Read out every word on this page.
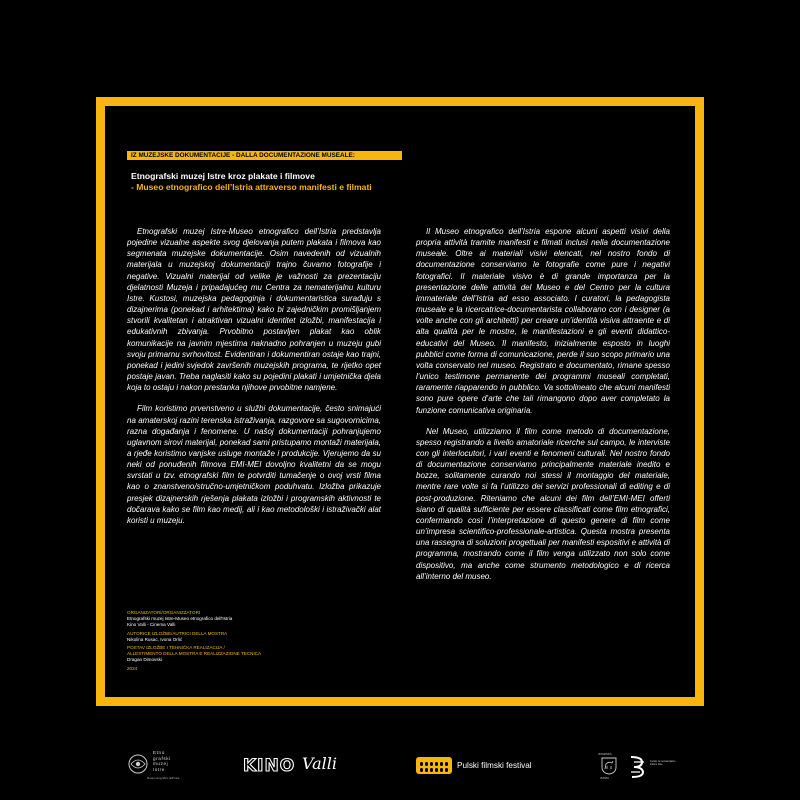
IZ MUZEJSKE DOKUMENTACIJE - DALLA DOCUMENTAZIONE MUSEALE:
Etnografski muzej Istre kroz plakate i filmove
- Museo etnografico dell’Istria attraverso manifesti e filmati

Etnografski muzej Istre-Museo etnografico dell’Istria predstavlja pojedine vizualne aspekte svog djelovanja putem plakata i filmova kao segmenata muzejske dokumentacije. Osim navedenih od vizualnih materijala u muzejskoj dokumentaciji trajno čuvamo fotografije i negative. Vizualni materijal od velike je važnosti za prezentaciju djelatnosti Muzeja i pripadajućeg mu Centra za nematerijalnu kulturu Istre. Kustosi, muzejska pedagoginja i dokumentaristica surađuju s dizajnerima (ponekad i arhitektima) kako bi zajedničkim promišljanjem stvorili kvalitetan i atraktivan vizualni identitet izložbi, manifestacija i edukativnih zbivanja. Prvobitno postavljen plakat kao oblik komunikacije na javnim mjestima naknadno pohranjen u muzeju gubi svoju primarnu svrhovitost. Evidentiran i dokumentiran ostaje kao trajni, ponekad i jedini svjedok završenih muzejskih programa, te rijetko opet postaje javan. Treba naglasiti kako su pojedini plakati i umjetnička djela koja to ostaju i nakon prestanka njihove prvobitne namjene.

Film koristimo prvenstveno u službi dokumentacije, često snimajući na amaterskoj razini terenska istraživanja, razgovore sa sugovornicima, razna događanja i fenomene. U našoj dokumentaciji pohranjujemo uglavnom sirovi materijal, ponekad sami pristupamo montaži materijala, a rjeđe koristimo vanjske usluge montaže i produkcije. Vjerujemo da su neki od ponuđenih filmova EMI-MEI dovoljno kvalitetni da se mogu svrstati u tzv. etnografski film te potvrditi tumačenje o ovoj vrsti filma kao o znanstveno/stručno-umjetničkom poduhvatu. Izložba prikazuje presjek dizajnerskih rješenja plakata izložbi i programskih aktivnosti te dočarava kako se film kao medij, ali i kao metodološki i istraživački alat koristi u muzeju.

Il Museo etnografico dell’Istria espone alcuni aspetti visivi della propria attività tramite manifesti e filmati inclusi nella documentazione museale. Oltre ai materiali visivi elencati, nel nostro fondo di documentazione conserviamo le fotografie come pure i negativi fotografici. Il materiale visivo è di grande importanza per la presentazione delle attività del Museo e del Centro per la cultura immateriale dell’Istria ad esso associato. I curatori, la pedagogista museale e la ricercatrice-documentarista collaborano con i designer (a volte anche con gli architetti) per creare un’identità visiva attraente e di alta qualità per le mostre, le manifestazioni e gli eventi didattico-educativi del Museo. Il manifesto, inizialmente esposto in luoghi pubblici come forma di comunicazione, perde il suo scopo primario una volta conservato nel museo. Registrato e documentato, rimane spesso l’unico testimone permanente dei programmi museali completati, raramente riapparendo in pubblico. Va sottolineato che alcuni manifesti sono pure opere d’arte che tali rimangono dopo aver completato la funzione comunicativa originaria.

Nel Museo, utilizziamo il film come metodo di documentazione, spesso registrando a livello amatoriale ricerche sul campo, le interviste con gli interlocutori, i vari eventi e fenomeni culturali. Nel nostro fondo di documentazione conserviamo principalmente materiale inedito e bozze, solitamente curando noi stessi il montaggio del materiale, mentre rare volte si fa l’utilizzo dei servizi professionali di editing e di post-produzione. Riteniamo che alcuni dei film dell’EMI-MEI offerti siano di qualità sufficiente per essere classificati come film etnografici, confermando così l’interpretazione di questo genere di film come un’impresa scientifico-professionale-artistica. Questa mostra presenta una rassegna di soluzioni progettuali per manifesti espositivi e attività di programma, mostrando come il film venga utilizzato non solo come dispositivo, ma anche come strumento metodologico e di ricerca all’interno del museo.

ORGANIZATORI/ORGANIZZATORI
Etnografski muzej Istre-Museo etnografico dell'Istria
Kino Valli - Cinema Valli
AUTORICE IZLOŽBE/AUTRICI DELLA MOSTRA
Nikolina Rusac, Ivona Orlić
POSTAV IZLOŽBE I TEHNIČKA REALIZACIJA /
ALLESTIMENTO DELLA MOSTRA E REALIZZAZIONE TECNICA
Dragan Dimovski
2024
Etno
grafski
muzej
Istre
Museo etnografico dell’Istria
KINO Valli	Pulski filmski festival
ISTARSKA
ISTRIA
Centar za nematerijalnu kulturu Istre
